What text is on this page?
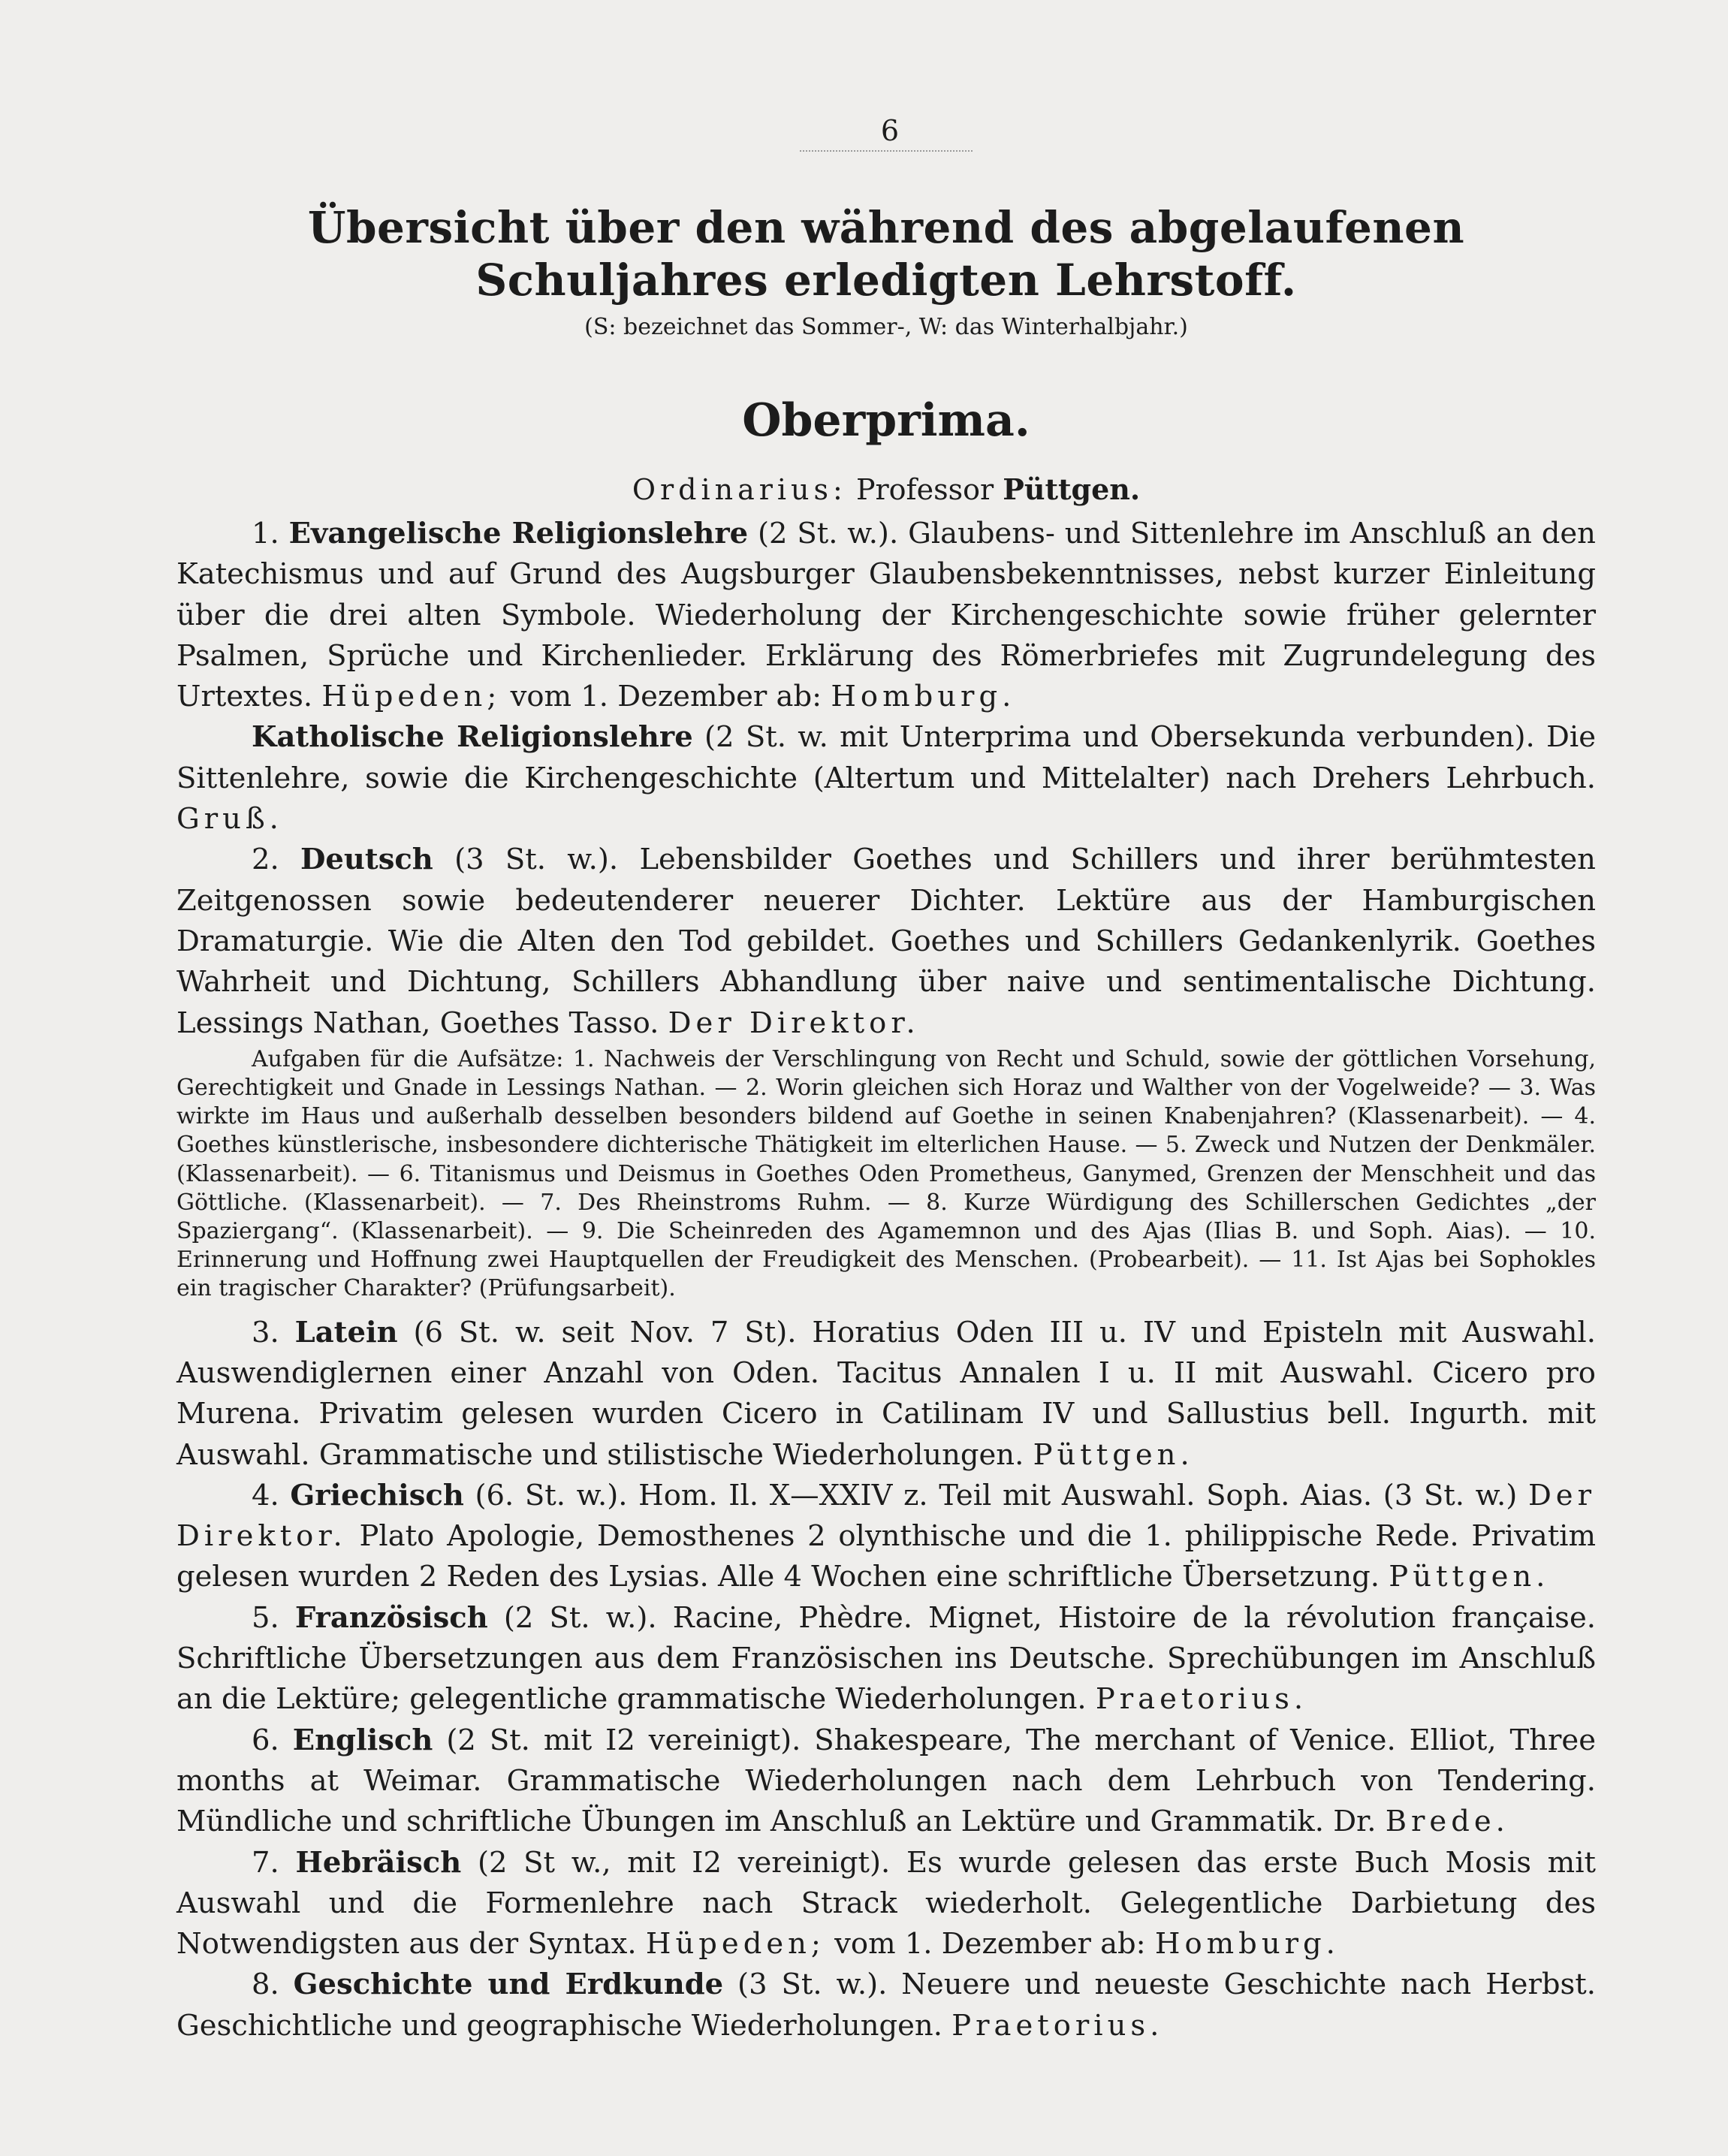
6
Übersicht über den während des abgelaufenen Schuljahres erledigten Lehrstoff.
(S: bezeichnet das Sommer-, W: das Winterhalbjahr.)
Oberprima.
Ordinarius: Professor Püttgen.

1. Evangelische Religionslehre (2 St. w.). Glaubens- und Sittenlehre im Anschluß an den Katechismus und auf Grund des Augsburger Glaubensbekenntnisses, nebst kurzer Einleitung über die drei alten Symbole. Wiederholung der Kirchengeschichte sowie früher gelernter Psalmen, Sprüche und Kirchenlieder. Erklärung des Römerbriefes mit Zugrundelegung des Urtextes. Hüpeden; vom 1. Dezember ab: Homburg.

Katholische Religionslehre (2 St. w. mit Unterprima und Obersekunda verbunden). Die Sittenlehre, sowie die Kirchengeschichte (Altertum und Mittelalter) nach Drehers Lehrbuch. Gruß.

2. Deutsch (3 St. w.). Lebensbilder Goethes und Schillers und ihrer berühmtesten Zeitgenossen sowie bedeutenderer neuerer Dichter. Lektüre aus der Hamburgischen Dramaturgie. Wie die Alten den Tod gebildet. Goethes und Schillers Gedankenlyrik. Goethes Wahrheit und Dichtung, Schillers Abhandlung über naive und sentimentalische Dichtung. Lessings Nathan, Goethes Tasso. Der Direktor.

Aufgaben für die Aufsätze: 1. Nachweis der Verschlingung von Recht und Schuld, sowie der göttlichen Vorsehung, Gerechtigkeit und Gnade in Lessings Nathan. — 2. Worin gleichen sich Horaz und Walther von der Vogelweide? — 3. Was wirkte im Haus und außerhalb desselben besonders bildend auf Goethe in seinen Knabenjahren? (Klassenarbeit). — 4. Goethes künstlerische, insbesondere dichterische Thätigkeit im elterlichen Hause. — 5. Zweck und Nutzen der Denkmäler. (Klassenarbeit). — 6. Titanismus und Deismus in Goethes Oden Prometheus, Ganymed, Grenzen der Menschheit und das Göttliche. (Klassenarbeit). — 7. Des Rheinstroms Ruhm. — 8. Kurze Würdigung des Schillerschen Gedichtes „der Spaziergang“. (Klassenarbeit). — 9. Die Scheinreden des Agamemnon und des Ajas (Ilias B. und Soph. Aias). — 10. Erinnerung und Hoffnung zwei Hauptquellen der Freudigkeit des Menschen. (Probearbeit). — 11. Ist Ajas bei Sophokles ein tragischer Charakter? (Prüfungsarbeit).

3. Latein (6 St. w. seit Nov. 7 St). Horatius Oden III u. IV und Episteln mit Auswahl. Auswendiglernen einer Anzahl von Oden. Tacitus Annalen I u. II mit Auswahl. Cicero pro Murena. Privatim gelesen wurden Cicero in Catilinam IV und Sallustius bell. Ingurth. mit Auswahl. Grammatische und stilistische Wiederholungen. Püttgen.

4. Griechisch (6. St. w.). Hom. Il. X—XXIV z. Teil mit Auswahl. Soph. Aias. (3 St. w.) Der Direktor. Plato Apologie, Demosthenes 2 olynthische und die 1. philippische Rede. Privatim gelesen wurden 2 Reden des Lysias. Alle 4 Wochen eine schriftliche Übersetzung. Püttgen.

5. Französisch (2 St. w.). Racine, Phèdre. Mignet, Histoire de la révolution française. Schriftliche Übersetzungen aus dem Französischen ins Deutsche. Sprechübungen im Anschluß an die Lektüre; gelegentliche grammatische Wiederholungen. Praetorius.

6. Englisch (2 St. mit I2 vereinigt). Shakespeare, The merchant of Venice. Elliot, Three months at Weimar. Grammatische Wiederholungen nach dem Lehrbuch von Tendering. Mündliche und schriftliche Übungen im Anschluß an Lektüre und Grammatik. Dr. Brede.

7. Hebräisch (2 St w., mit I2 vereinigt). Es wurde gelesen das erste Buch Mosis mit Auswahl und die Formenlehre nach Strack wiederholt. Gelegentliche Darbietung des Notwendigsten aus der Syntax. Hüpeden; vom 1. Dezember ab: Homburg.

8. Geschichte und Erdkunde (3 St. w.). Neuere und neueste Geschichte nach Herbst. Geschichtliche und geographische Wiederholungen. Praetorius.
